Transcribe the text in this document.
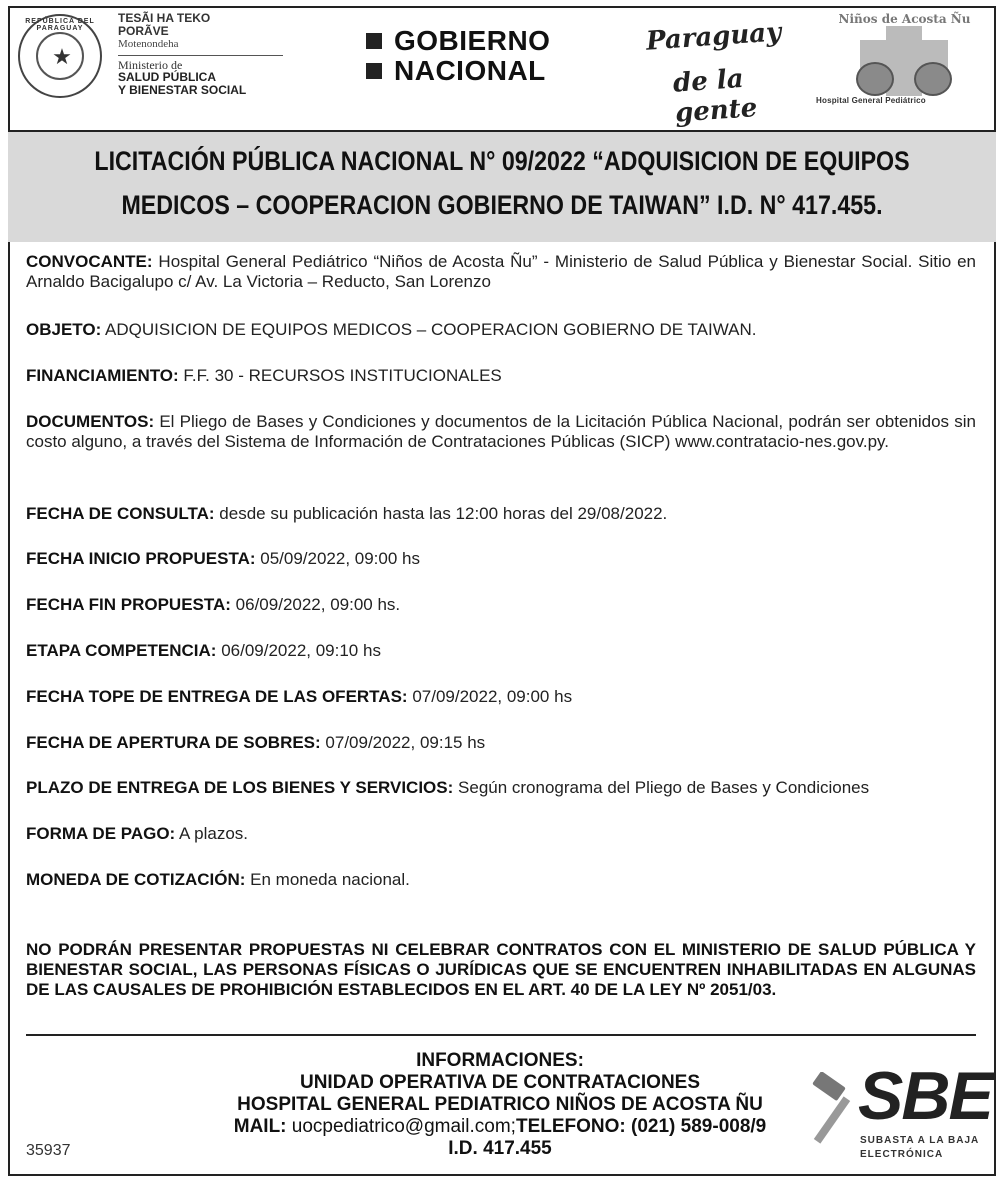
REPÚBLICA DEL PARAGUAY
★
TESÃI HA TEKO
PORÃVE
Motenondeha
Ministerio de
SALUD PÚBLICA
Y BIENESTAR SOCIAL
GOBIERNO
NACIONAL
Paraguay
de la gente
Niños de Acosta Ñu
Hospital General Pediátrico
LICITACIÓN PÚBLICA NACIONAL N° 09/2022 “ADQUISICION DE EQUIPOS
MEDICOS – COOPERACION GOBIERNO DE TAIWAN” I.D. N° 417.455.
CONVOCANTE: Hospital General Pediátrico “Niños de Acosta Ñu” - Ministerio de Salud Pública y Bienestar Social. Sitio en Arnaldo Bacigalupo c/ Av. La Victoria – Reducto, San Lorenzo
OBJETO: ADQUISICION DE EQUIPOS MEDICOS – COOPERACION GOBIERNO DE TAIWAN.
FINANCIAMIENTO: F.F. 30 - RECURSOS INSTITUCIONALES
DOCUMENTOS: El Pliego de Bases y Condiciones y documentos de la Licitación Pública Nacional, podrán ser obtenidos sin costo alguno, a través del Sistema de Información de Contrataciones Públicas (SICP) www.contratacio-nes.gov.py.
FECHA DE CONSULTA: desde su publicación hasta las 12:00 horas del 29/08/2022.
FECHA INICIO PROPUESTA: 05/09/2022, 09:00 hs
FECHA FIN PROPUESTA: 06/09/2022, 09:00 hs.
ETAPA COMPETENCIA: 06/09/2022, 09:10 hs
FECHA TOPE DE ENTREGA DE LAS OFERTAS: 07/09/2022, 09:00 hs
FECHA DE APERTURA DE SOBRES: 07/09/2022, 09:15 hs
PLAZO DE ENTREGA DE LOS BIENES Y SERVICIOS: Según cronograma del Pliego de Bases y Condiciones
FORMA DE PAGO: A plazos.
MONEDA DE COTIZACIÓN: En moneda nacional.
NO PODRÁN PRESENTAR PROPUESTAS NI CELEBRAR CONTRATOS CON EL MINISTERIO DE SALUD PÚBLICA Y BIENESTAR SOCIAL, LAS PERSONAS FÍSICAS O JURÍDICAS QUE SE ENCUENTREN INHABILITADAS EN ALGUNAS DE LAS CAUSALES DE PROHIBICIÓN ESTABLECIDOS EN EL ART. 40 DE LA LEY Nº 2051/03.
INFORMACIONES:
UNIDAD OPERATIVA DE CONTRATACIONES
HOSPITAL GENERAL PEDIATRICO NIÑOS DE ACOSTA ÑU
MAIL: uocpediatrico@gmail.com;TELEFONO: (021) 589-008/9
I.D. 417.455
35937
SBE
SUBASTA A LA BAJA
ELECTRÓNICA
